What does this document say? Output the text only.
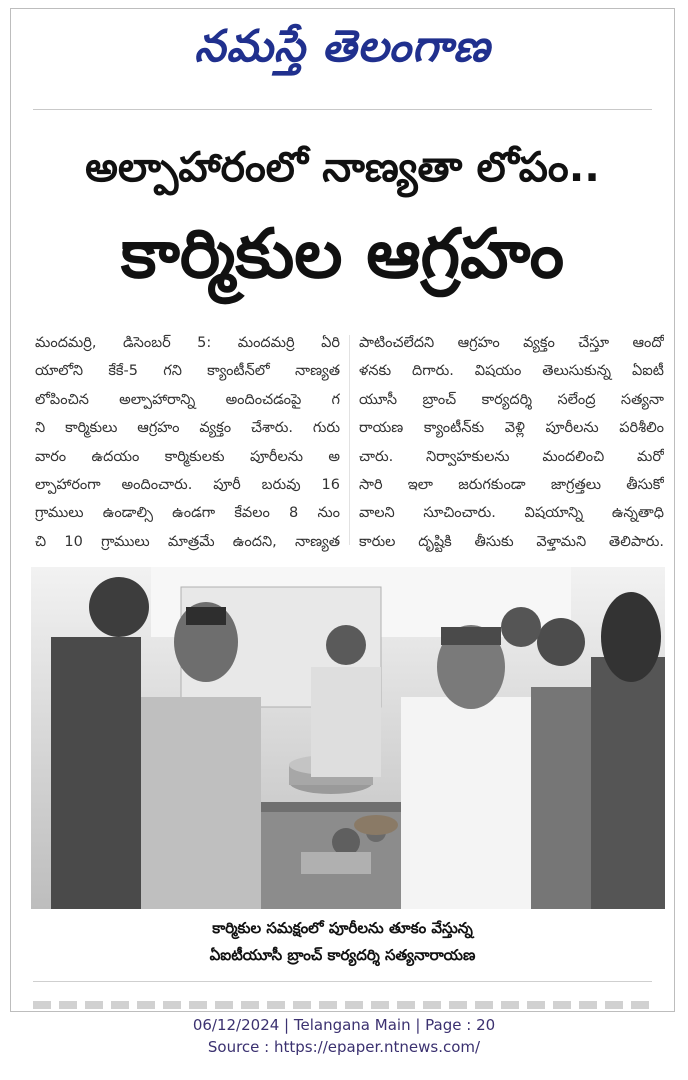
నమస్తే తెలంగాణ
అల్పాహారంలో నాణ్యతా లోపం..
కార్మికుల ఆగ్రహం
మందమర్రి, డిసెంబర్ 5: మందమర్రి ఏరి
యాలోని కేకే-5 గని క్యాంటీన్‌లో నాణ్యత
లోపించిన అల్పాహారాన్ని అందించడంపై గ
ని కార్మికులు ఆగ్రహం వ్యక్తం చేశారు. గురు
వారం ఉదయం కార్మికులకు పూరీలను అ
ల్పాహారంగా అందించారు. పూరీ బరువు 16
గ్రాములు ఉండాల్సి ఉండగా కేవలం 8 నుం
చి 10 గ్రాములు మాత్రమే ఉందని, నాణ్యత
పాటించలేదని ఆగ్రహం వ్యక్తం చేస్తూ ఆందో
ళనకు దిగారు. విషయం తెలుసుకున్న ఏఐటీ
యూసీ బ్రాంచ్ కార్యదర్శి సలేంద్ర సత్యనా
రాయణ క్యాంటీన్‌కు వెళ్లి పూరీలను పరిశీలిం
చారు. నిర్వాహకులను మందలించి మరో
సారి ఇలా జరుగకుండా జాగ్రత్తలు తీసుకో
వాలని సూచించారు. విషయాన్ని ఉన్నతాధి
కారుల దృష్టికి తీసుకు వెళ్తామని తెలిపారు.
కార్మికుల సమక్షంలో పూరీలను తూకం వేస్తున్న
ఏఐటీయూసీ బ్రాంచ్ కార్యదర్శి సత్యనారాయణ
06/12/2024 | Telangana Main | Page : 20
Source : https://epaper.ntnews.com/
